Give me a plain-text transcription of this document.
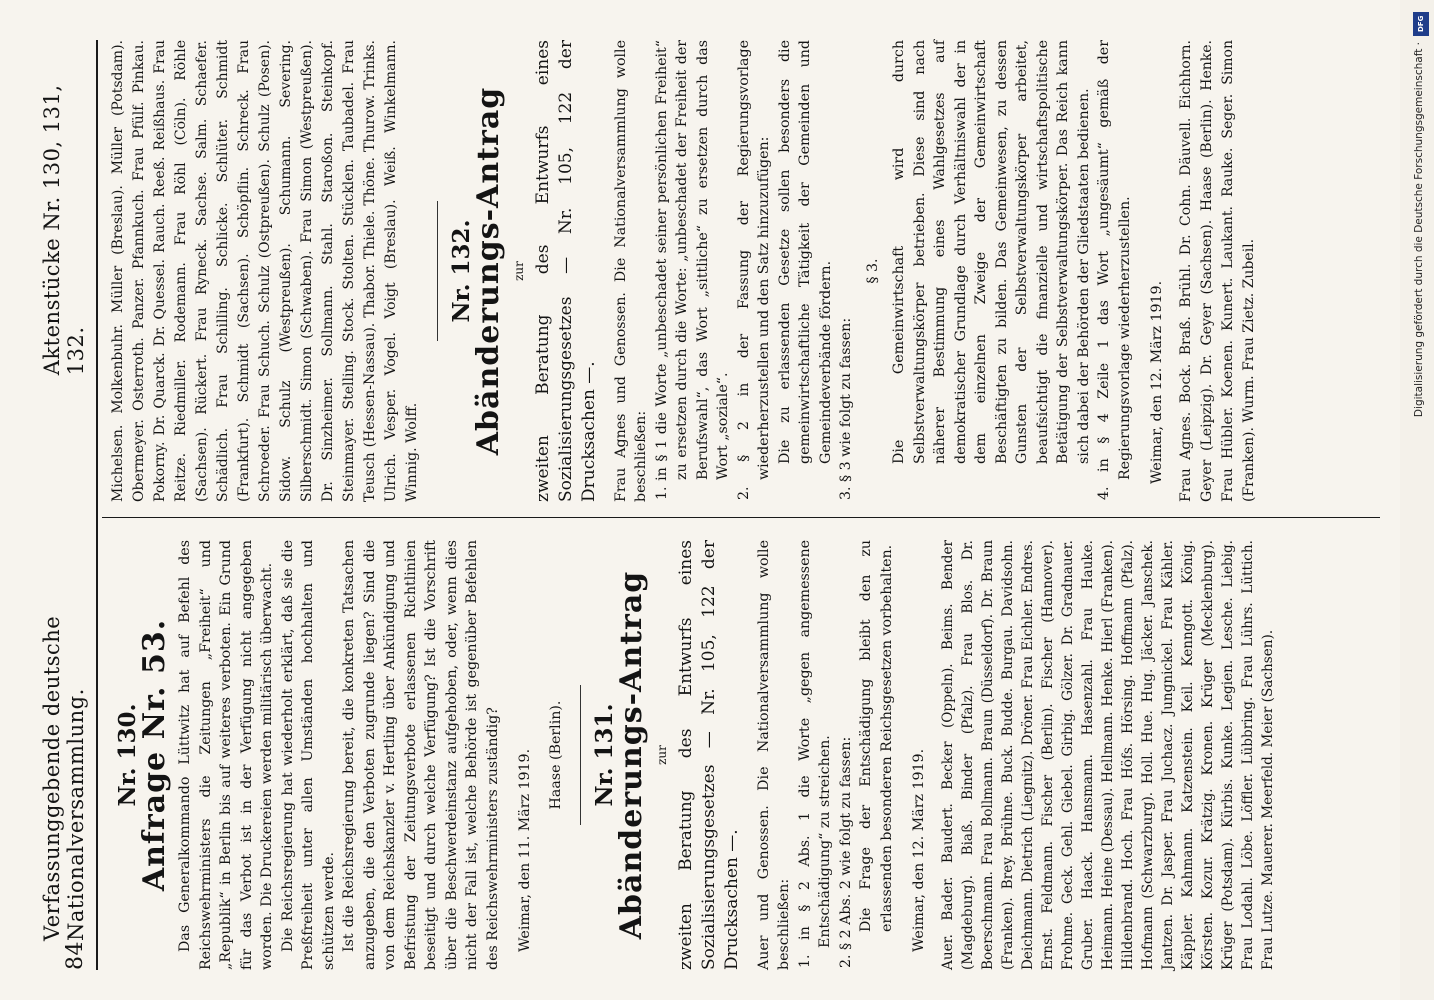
84
Verfassunggebende deutsche Nationalversammlung.
Aktenstücke Nr. 130, 131, 132.
Nr. 130.
Anfrage Nr. 53. Das Generalkommando Lüttwitz hat auf Befehl des Reichswehrministers die Zeitungen „Freiheit“ und „Republik“ in Berlin bis auf weiteres verboten. Ein Grund für das Verbot ist in der Verfügung nicht angegeben worden. Die Druckereien werden militärisch überwacht. Die Reichsregierung hat wiederholt erklärt, daß sie die Preßfreiheit unter allen Umständen hochhalten und schützen werde. Ist die Reichsregierung bereit, die konkreten Tatsachen anzugeben, die den Verboten zugrunde liegen? Sind die von dem Reichskanzler v. Hertling über Ankündigung und Befristung der Zeitungsverbote erlassenen Richtlinien beseitigt und durch welche Verfügung? Ist die Vorschrift über die Beschwerdeinstanz aufgehoben, oder, wenn dies nicht der Fall ist, welche Behörde ist gegenüber Befehlen des Reichswehrministers zuständig? Weimar, den 11. März 1919. Haase (Berlin). Nr. 131.
Abänderungs-Antrag zur zweiten Beratung des Entwurfs eines Sozialisierungsgesetzes — Nr. 105, 122 der Drucksachen —. Auer und Genossen. Die Nationalversammlung wolle beschließen: 1. in § 2 Abs. 1 die Worte „gegen angemessene Entschädigung“ zu streichen. 2. § 2 Abs. 2 wie folgt zu fassen: Die Frage der Entschädigung bleibt den zu erlassenden besonderen Reichsgesetzen vorbehalten. Weimar, den 12. März 1919. Auer. Bader. Baudert. Becker (Oppeln). Beims. Bender (Magdeburg). Biaß. Binder (Pfalz). Frau Blos. Dr. Boerschmann. Frau Bollmann. Braun (Düsseldorf). Dr. Braun (Franken). Brey. Brühne. Buck. Budde. Burgau. Davidsohn. Deichmann. Dietrich (Liegnitz). Dröner. Frau Eichler. Endres. Ernst. Feldmann. Fischer (Berlin). Fischer (Hannover). Frohme. Geck. Gehl. Giebel. Girbig. Gölzer. Dr. Gradnauer. Gruber. Haack. Hansmann. Hasenzahl. Frau Hauke. Heimann. Heine (Dessau). Hellmann. Henke. Hierl (Franken). Hildenbrand. Hoch. Frau Höfs. Hörsing. Hoffmann (Pfalz). Hofmann (Schwarzburg). Holl. Hue. Hug. Jäcker. Janschek. Jantzen. Dr. Jasper. Frau Juchacz. Jungnickel. Frau Kähler. Käppler. Kahmann. Katzenstein. Keil. Kenngott. König. Körsten. Kozur. Krätzig. Kronen. Krüger (Mecklenburg). Krüger (Potsdam). Kürbis. Kunke. Legien. Lesche. Liebig. Frau Lodahl. Löbe. Löffler. Lübbring. Frau Lührs. Lüttich. Frau Lutze. Mauerer. Meerfeld. Meier (Sachsen).

Michelsen. Molkenbuhr. Müller (Breslau). Müller (Potsdam). Obermeyer. Osterroth. Panzer. Pfannkuch. Frau Pfülf. Pinkau. Pokorny. Dr. Quarck. Dr. Quessel. Rauch. Reeß. Reißhaus. Frau Reitze. Riedmiller. Rodemann. Frau Röhl (Cöln). Röhle (Sachsen). Rückert. Frau Ryneck. Sachse. Salm. Schaefer. Schädlich. Frau Schilling. Schlicke. Schlüter. Schmidt (Frankfurt). Schmidt (Sachsen). Schöpflin. Schreck. Frau Schroeder. Frau Schuch. Schulz (Ostpreußen). Schulz (Posen). Sidow. Schulz (Westpreußen). Schumann. Severing. Silberschmidt. Simon (Schwaben). Frau Simon (Westpreußen). Dr. Sinzheimer. Sollmann. Stahl. Staroßon. Steinkopf. Steinmayer. Stelling. Stock. Stolten. Stücklen. Taubadel. Frau Teusch (Hessen-Nassau). Thabor. Thiele. Thöne. Thurow. Trinks. Ulrich. Vesper. Vogel. Voigt (Breslau). Weiß. Winkelmann. Winnig. Wolff.

Nr. 132.
Abänderungs-Antrag zur zweiten Beratung des Entwurfs eines Sozialisierungsgesetzes — Nr. 105, 122 der Drucksachen —. Frau Agnes und Genossen. Die Nationalversammlung wolle beschließen: 1. in § 1 die Worte „unbeschadet seiner persönlichen Freiheit“ zu ersetzen durch die Worte: „unbeschadet der Freiheit der Berufswahl“, das Wort „sittliche“ zu ersetzen durch das Wort „soziale“. 2. § 2 in der Fassung der Regierungsvorlage wiederherzustellen und den Satz hinzuzufügen: Die zu erlassenden Gesetze sollen besonders die gemeinwirtschaftliche Tätigkeit der Gemeinden und Gemeindeverbände fördern. 3. § 3 wie folgt zu fassen:

§ 3. Die Gemeinwirtschaft wird durch Selbstverwaltungskörper betrieben. Diese sind nach näherer Bestimmung eines Wahlgesetzes auf demokratischer Grundlage durch Verhältniswahl der in dem einzelnen Zweige der Gemeinwirtschaft Beschäftigten zu bilden. Das Gemeinwesen, zu dessen Gunsten der Selbstverwaltungskörper arbeitet, beaufsichtigt die finanzielle und wirtschaftspolitische Betätigung der Selbstverwaltungskörper. Das Reich kann sich dabei der Behörden der Gliedstaaten bedienen. 4. in § 4 Zeile 1 das Wort „ungesäumt“ gemäß der Regierungsvorlage wiederherzustellen. Weimar, den 12. März 1919. Frau Agnes. Bock. Braß. Brühl. Dr. Cohn. Däuvell. Eichhorn. Geyer (Leipzig). Dr. Geyer (Sachsen). Haase (Berlin). Henke. Frau Hübler. Koenen. Kunert. Laukant. Rauke. Seger. Simon (Franken). Wurm. Frau Zietz. Zubeil.

DFG
Digitalisierung gefördert durch die Deutsche Forschungsgemeinschaft ·
